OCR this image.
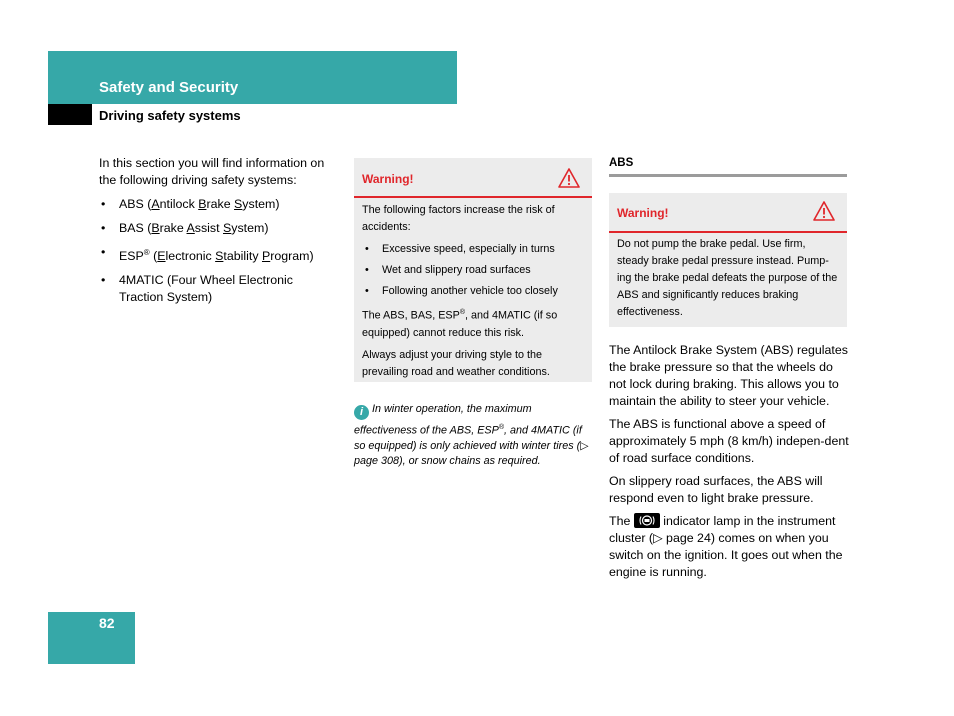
Safety and Security
Driving safety systems

In this section you will find information on the following driving safety systems:

• ABS (Antilock Brake System)
• BAS (Brake Assist System)
• ESP® (Electronic Stability Program)
• 4MATIC (Four Wheel Electronic Traction System)
Warning!

The following factors increase the risk of accidents:

• Excessive speed, especially in turns
• Wet and slippery road surfaces
• Following another vehicle too closely

The ABS, BAS, ESP®, and 4MATIC (if so equipped) cannot reduce this risk.

Always adjust your driving style to the prevailing road and weather conditions.

i In winter operation, the maximum effectiveness of the ABS, ESP®, and 4MATIC (if so equipped) is only achieved with winter tires (▷ page 308), or snow chains as required.
ABS
Warning!

Do not pump the brake pedal. Use firm, steady brake pedal pressure instead. Pump-ing the brake pedal defeats the purpose of the ABS and significantly reduces braking effectiveness.

The Antilock Brake System (ABS) regulates the brake pressure so that the wheels do not lock during braking. This allows you to maintain the ability to steer your vehicle.

The ABS is functional above a speed of approximately 5 mph (8 km/h) indepen-dent of road surface conditions.

On slippery road surfaces, the ABS will respond even to light brake pressure.

The
indicator lamp in the instrument cluster (▷ page 24) comes on when you switch on the ignition. It goes out when the engine is running.

82
